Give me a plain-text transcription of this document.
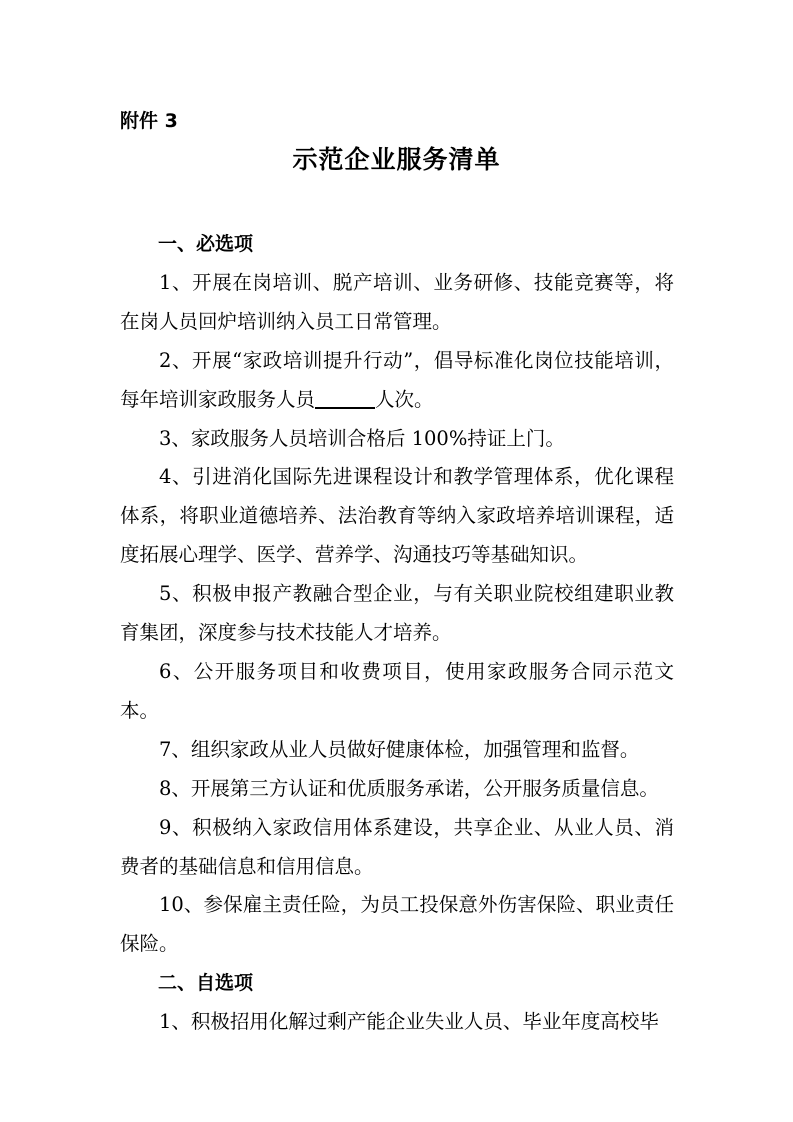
附件 3
示范企业服务清单

一、必选项

1、开展在岗培训、脱产培训、业务研修、技能竞赛等，将在岗人员回炉培训纳入员工日常管理。

2、开展“家政培训提升行动”，倡导标准化岗位技能培训，每年培训家政服务人员	人次。

3、家政服务人员培训合格后 100%持证上门。

4、引进消化国际先进课程设计和教学管理体系，优化课程体系，将职业道德培养、法治教育等纳入家政培养培训课程，适度拓展心理学、医学、营养学、沟通技巧等基础知识。

5、积极申报产教融合型企业，与有关职业院校组建职业教育集团，深度参与技术技能人才培养。

6、公开服务项目和收费项目，使用家政服务合同示范文本。

7、组织家政从业人员做好健康体检，加强管理和监督。

8、开展第三方认证和优质服务承诺，公开服务质量信息。

9、积极纳入家政信用体系建设，共享企业、从业人员、消费者的基础信息和信用信息。

10、参保雇主责任险，为员工投保意外伤害保险、职业责任保险。

二、自选项

1、积极招用化解过剩产能企业失业人员、毕业年度高校毕
